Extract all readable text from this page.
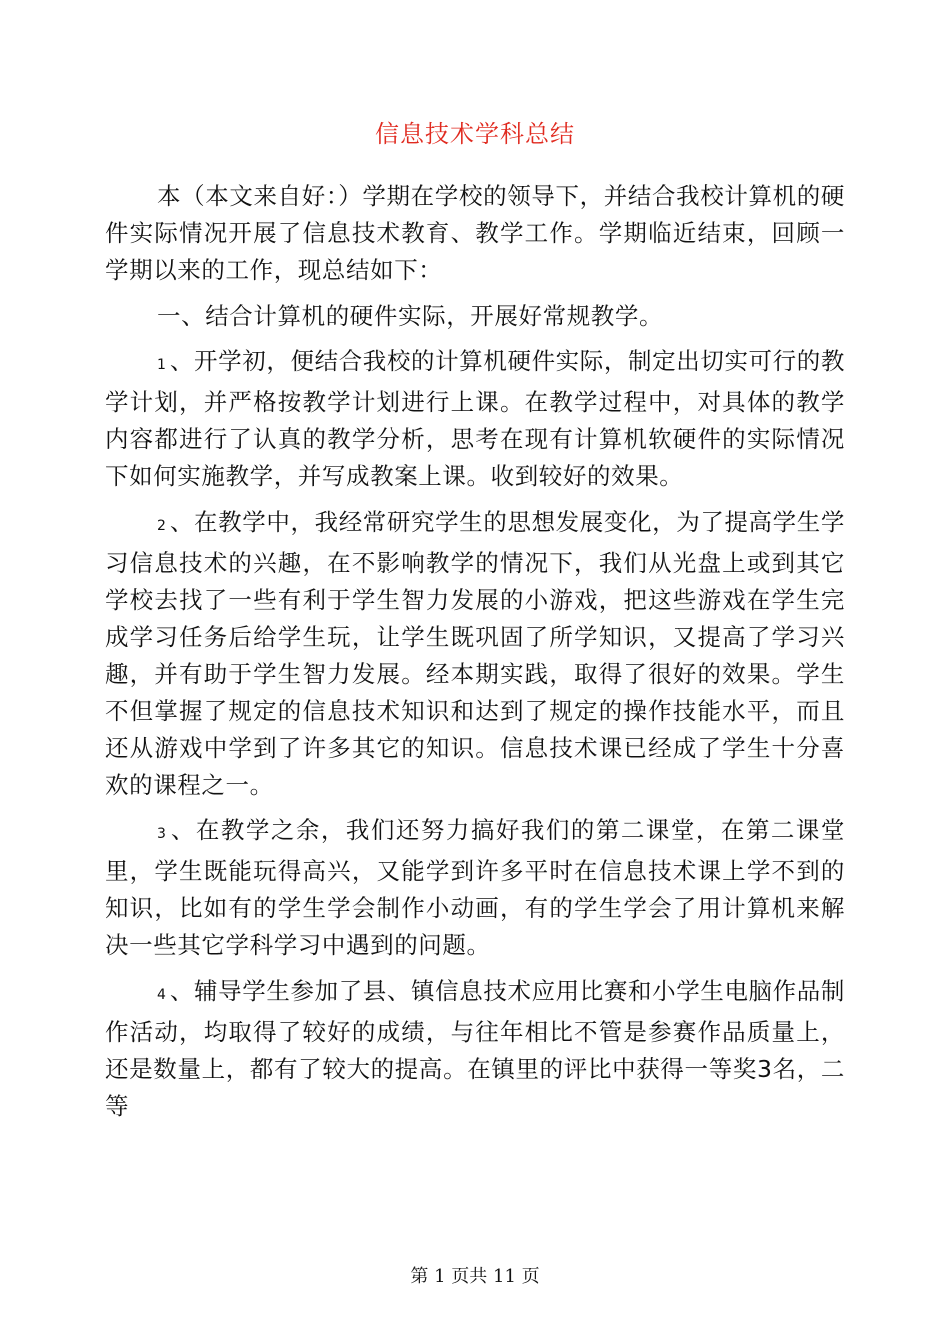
信息技术学科总结

本（本文来自好：）学期在学校的领导下，并结合我校计算机的硬件实际情况开展了信息技术教育、教学工作。学期临近结束，回顾一学期以来的工作，现总结如下：

一、结合计算机的硬件实际，开展好常规教学。

1 、开学初，便结合我校的计算机硬件实际，制定出切实可行的教学计划，并严格按教学计划进行上课。在教学过程中，对具体的教学内容都进行了认真的教学分析，思考在现有计算机软硬件的实际情况下如何实施教学，并写成教案上课。收到较好的效果。

2 、在教学中，我经常研究学生的思想发展变化，为了提高学生学习信息技术的兴趣，在不影响教学的情况下，我们从光盘上或到其它学校去找了一些有利于学生智力发展的小游戏，把这些游戏在学生完成学习任务后给学生玩，让学生既巩固了所学知识，又提高了学习兴趣，并有助于学生智力发展。经本期实践，取得了很好的效果。学生不但掌握了规定的信息技术知识和达到了规定的操作技能水平，而且还从游戏中学到了许多其它的知识。信息技术课已经成了学生十分喜欢的课程之一。

3 、在教学之余，我们还努力搞好我们的第二课堂，在第二课堂里，学生既能玩得高兴，又能学到许多平时在信息技术课上学不到的知识，比如有的学生学会制作小动画，有的学生学会了用计算机来解决一些其它学科学习中遇到的问题。

4 、辅导学生参加了县、镇信息技术应用比赛和小学生电脑作品制作活动，均取得了较好的成绩，与往年相比不管是参赛作品质量上，还是数量上，都有了较大的提高。在镇里的评比中获得一等奖3名，二等

第 1 页共 11 页
